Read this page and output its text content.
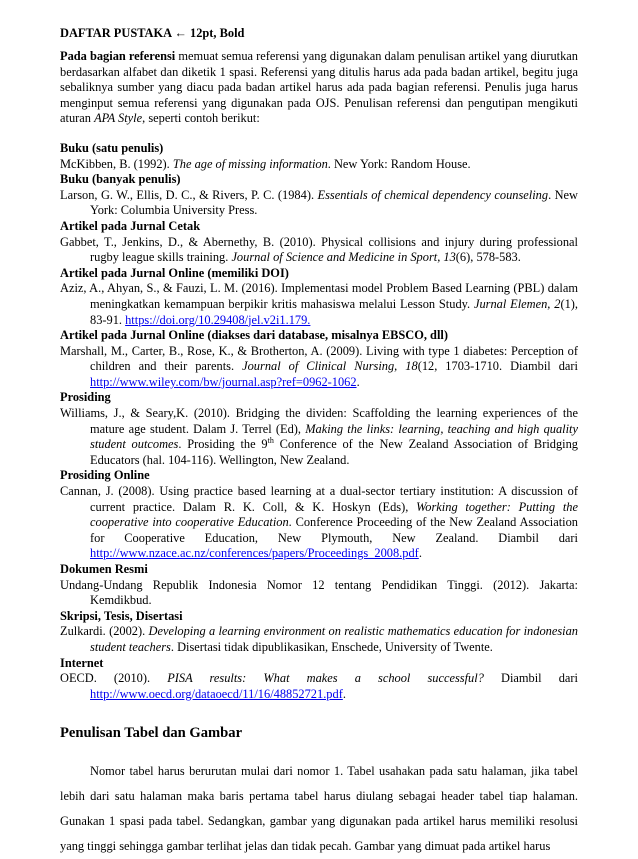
DAFTAR PUSTAKA ← 12pt, Bold

Pada bagian referensi memuat semua referensi yang digunakan dalam penulisan artikel yang diurutkan berdasarkan alfabet dan diketik 1 spasi. Referensi yang ditulis harus ada pada badan artikel, begitu juga sebaliknya sumber yang diacu pada badan artikel harus ada pada bagian referensi. Penulis juga harus menginput semua referensi yang digunakan pada OJS. Penulisan referensi dan pengutipan mengikuti aturan APA Style, seperti contoh berikut:

Buku (satu penulis)

McKibben, B. (1992). The age of missing information. New York: Random House.

Buku (banyak penulis)

Larson, G. W., Ellis, D. C., & Rivers, P. C. (1984). Essentials of chemical dependency counseling. New York: Columbia University Press.

Artikel pada Jurnal Cetak

Gabbet, T., Jenkins, D., & Abernethy, B. (2010). Physical collisions and injury during professional rugby league skills training. Journal of Science and Medicine in Sport, 13(6), 578-583.

Artikel pada Jurnal Online (memiliki DOI)

Aziz, A., Ahyan, S., & Fauzi, L. M. (2016). Implementasi model Problem Based Learning (PBL) dalam meningkatkan kemampuan berpikir kritis mahasiswa melalui Lesson Study. Jurnal Elemen, 2(1), 83-91. https://doi.org/10.29408/jel.v2i1.179.

Artikel pada Jurnal Online (diakses dari database, misalnya EBSCO, dll)

Marshall, M., Carter, B., Rose, K., & Brotherton, A. (2009). Living with type 1 diabetes: Perception of children and their parents. Journal of Clinical Nursing, 18(12, 1703-1710. Diambil dari http://www.wiley.com/bw/journal.asp?ref=0962-1062.

Prosiding

Williams, J., & Seary,K. (2010). Bridging the dividen: Scaffolding the learning experiences of the mature age student. Dalam J. Terrel (Ed), Making the links: learning, teaching and high quality student outcomes. Prosiding the 9th Conference of the New Zealand Association of Bridging Educators (hal. 104-116). Wellington, New Zealand.

Prosiding Online

Cannan, J. (2008). Using practice based learning at a dual-sector tertiary institution: A discussion of current practice. Dalam R. K. Coll, & K. Hoskyn (Eds), Working together: Putting the cooperative into cooperative Education. Conference Proceeding of the New Zealand Association for Cooperative Education, New Plymouth, New Zealand. Diambil dari http://www.nzace.ac.nz/conferences/papers/Proceedings_2008.pdf.

Dokumen Resmi

Undang-Undang Republik Indonesia Nomor 12 tentang Pendidikan Tinggi. (2012). Jakarta: Kemdikbud.

Skripsi, Tesis, Disertasi

Zulkardi. (2002). Developing a learning environment on realistic mathematics education for indonesian student teachers. Disertasi tidak dipublikasikan, Enschede, University of Twente.

Internet

OECD. (2010). PISA results: What makes a school successful? Diambil dari http://www.oecd.org/dataoecd/11/16/48852721.pdf.

Penulisan Tabel dan Gambar

Nomor tabel harus berurutan mulai dari nomor 1. Tabel usahakan pada satu halaman, jika tabel lebih dari satu halaman maka baris pertama tabel harus diulang sebagai header tabel tiap halaman. Gunakan 1 spasi pada tabel. Sedangkan, gambar yang digunakan pada artikel harus memiliki resolusi yang tinggi sehingga gambar terlihat jelas dan tidak pecah. Gambar yang dimuat pada artikel harus
